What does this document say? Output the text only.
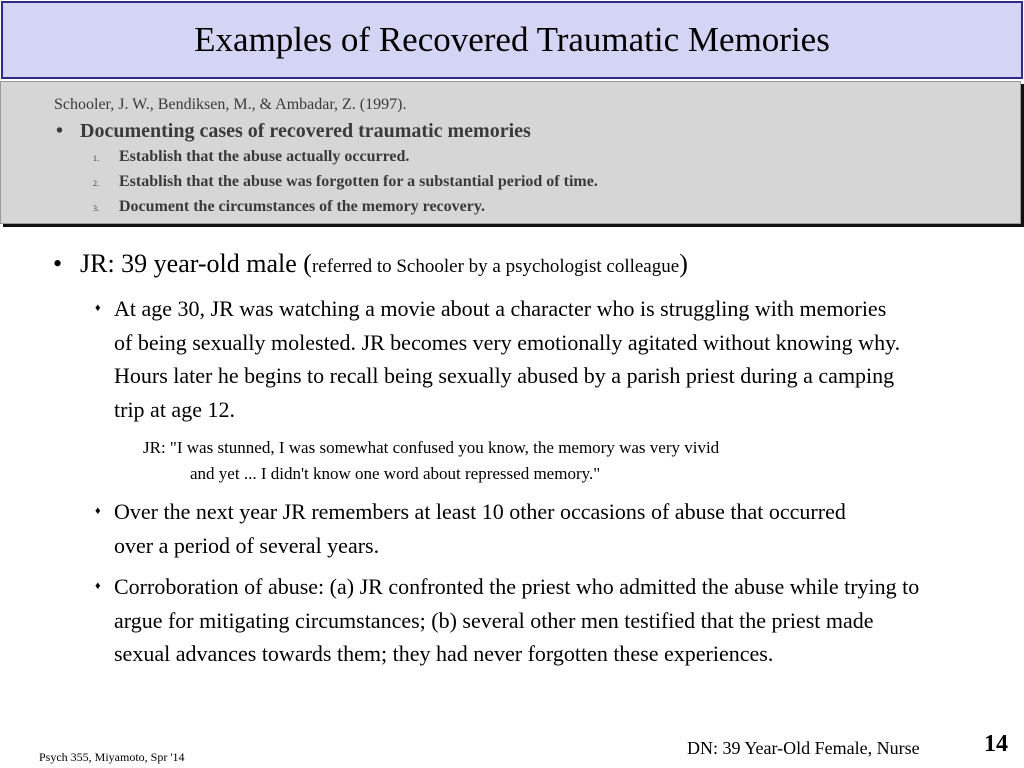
Examples of Recovered Traumatic Memories
Schooler, J. W., Bendiksen, M., & Ambadar, Z. (1997).
• Documenting cases of recovered traumatic memories
1.	Establish that the abuse actually occurred.
2.	Establish that the abuse was forgotten for a substantial period of time.
3.	Document the circumstances of the memory recovery.
• JR: 39 year-old male (referred to Schooler by a psychologist colleague)
♦ At age 30, JR was watching a movie about a character who is struggling with memories of being sexually molested. JR becomes very emotionally agitated without knowing why. Hours later he begins to recall being sexually abused by a parish priest during a camping trip at age 12.
JR: "I was stunned, I was somewhat confused you know, the memory was very vivid
and yet ... I didn't know one word about repressed memory."
♦ Over the next year JR remembers at least 10 other occasions of abuse that occurred over a period of several years.
♦ Corroboration of abuse: (a) JR confronted the priest who admitted the abuse while trying to argue for mitigating circumstances; (b) several other men testified that the priest made sexual advances towards them; they had never forgotten these experiences.
Psych 355, Miyamoto, Spr '14	DN: 39 Year-Old Female, Nurse	14
